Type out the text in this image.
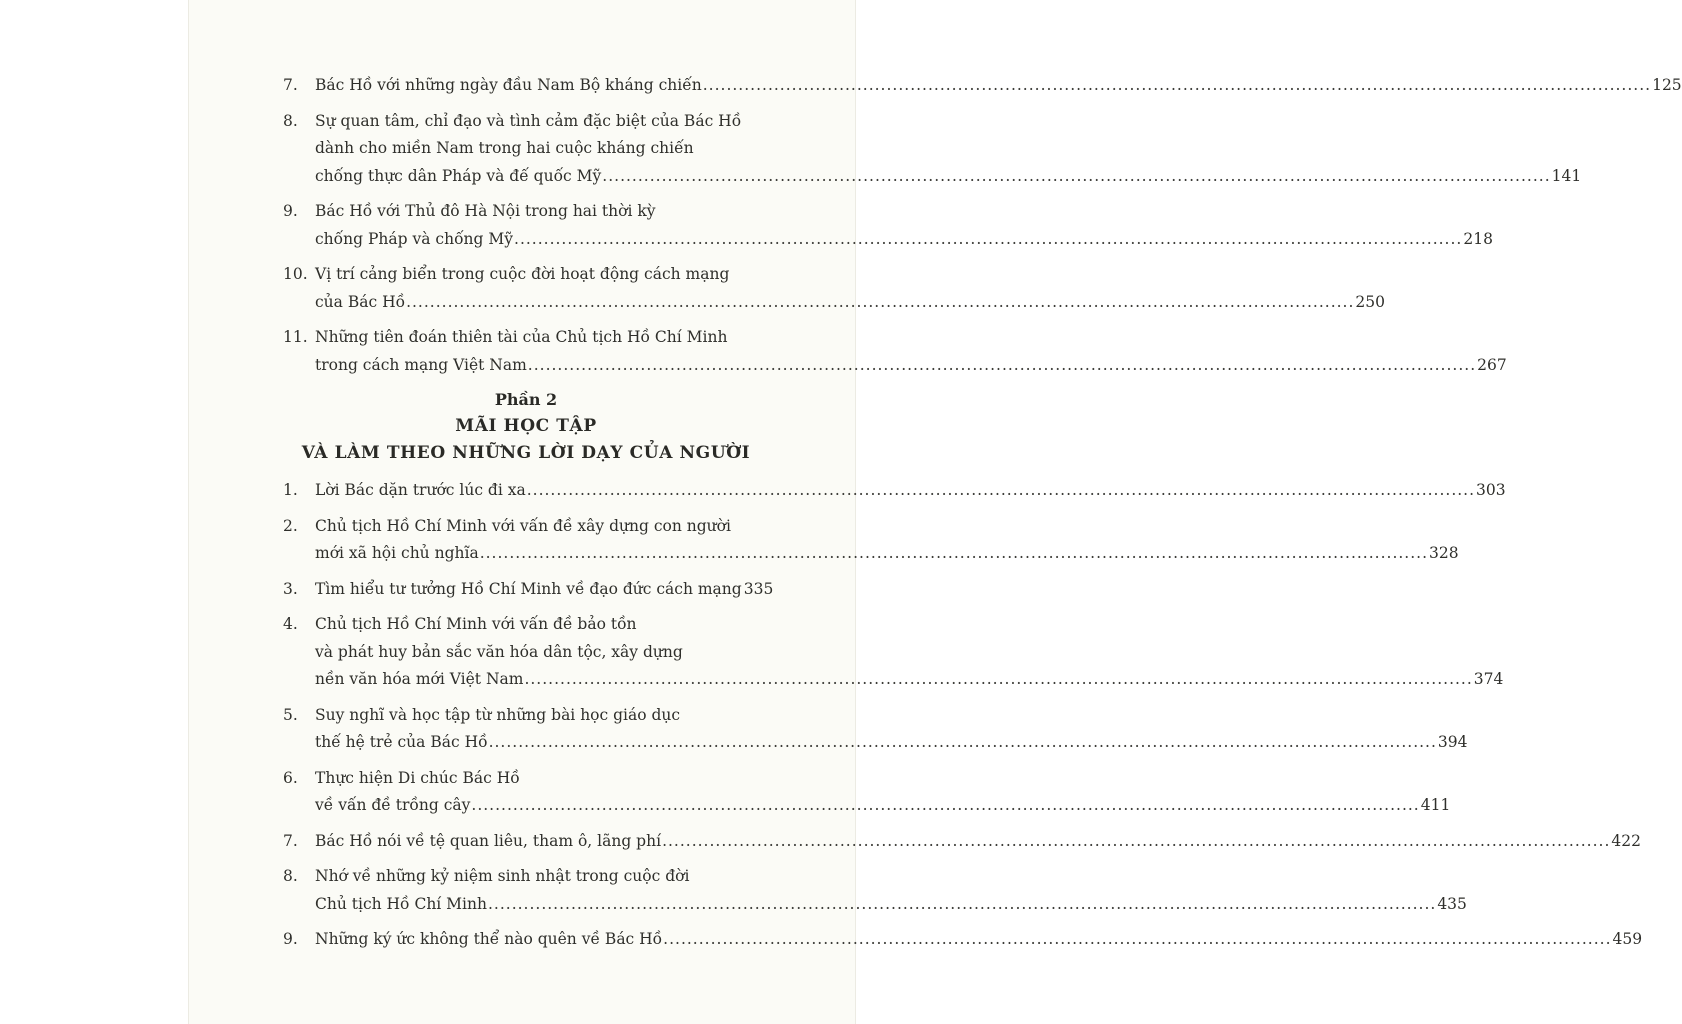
7.	Bác Hồ với những ngày đầu Nam Bộ kháng chiến ................................................................................................................................................................ 125
8.	Sự quan tâm, chỉ đạo và tình cảm đặc biệt của Bác Hồ
dành cho miền Nam trong hai cuộc kháng chiến
chống thực dân Pháp và đế quốc Mỹ ................................................................................................................................................................ 141
9.	Bác Hồ với Thủ đô Hà Nội trong hai thời kỳ
chống Pháp và chống Mỹ ................................................................................................................................................................ 218
10. Vị trí cảng biển trong cuộc đời hoạt động cách mạng
của Bác Hồ ................................................................................................................................................................ 250
11. Những tiên đoán thiên tài của Chủ tịch Hồ Chí Minh
trong cách mạng Việt Nam ................................................................................................................................................................ 267
Phần 2
MÃI HỌC TẬP
VÀ LÀM THEO NHỮNG LỜI DẠY CỦA NGƯỜI
1.	Lời Bác dặn trước lúc đi xa ................................................................................................................................................................ 303
2.	Chủ tịch Hồ Chí Minh với vấn đề xây dựng con người
mới xã hội chủ nghĩa ................................................................................................................................................................ 328
3.	Tìm hiểu tư tưởng Hồ Chí Minh về đạo đức cách mạng 335
4.	Chủ tịch Hồ Chí Minh với vấn đề bảo tồn
và phát huy bản sắc văn hóa dân tộc, xây dựng
nền văn hóa mới Việt Nam ................................................................................................................................................................ 374
5.	Suy nghĩ và học tập từ những bài học giáo dục
thế hệ trẻ của Bác Hồ ................................................................................................................................................................ 394
6.	Thực hiện Di chúc Bác Hồ
về vấn đề trồng cây ................................................................................................................................................................ 411
7.	Bác Hồ nói về tệ quan liêu, tham ô, lãng phí ................................................................................................................................................................ 422
8.	Nhớ về những kỷ niệm sinh nhật trong cuộc đời
Chủ tịch Hồ Chí Minh ................................................................................................................................................................ 435
9.	Những ký ức không thể nào quên về Bác Hồ ................................................................................................................................................................ 459
